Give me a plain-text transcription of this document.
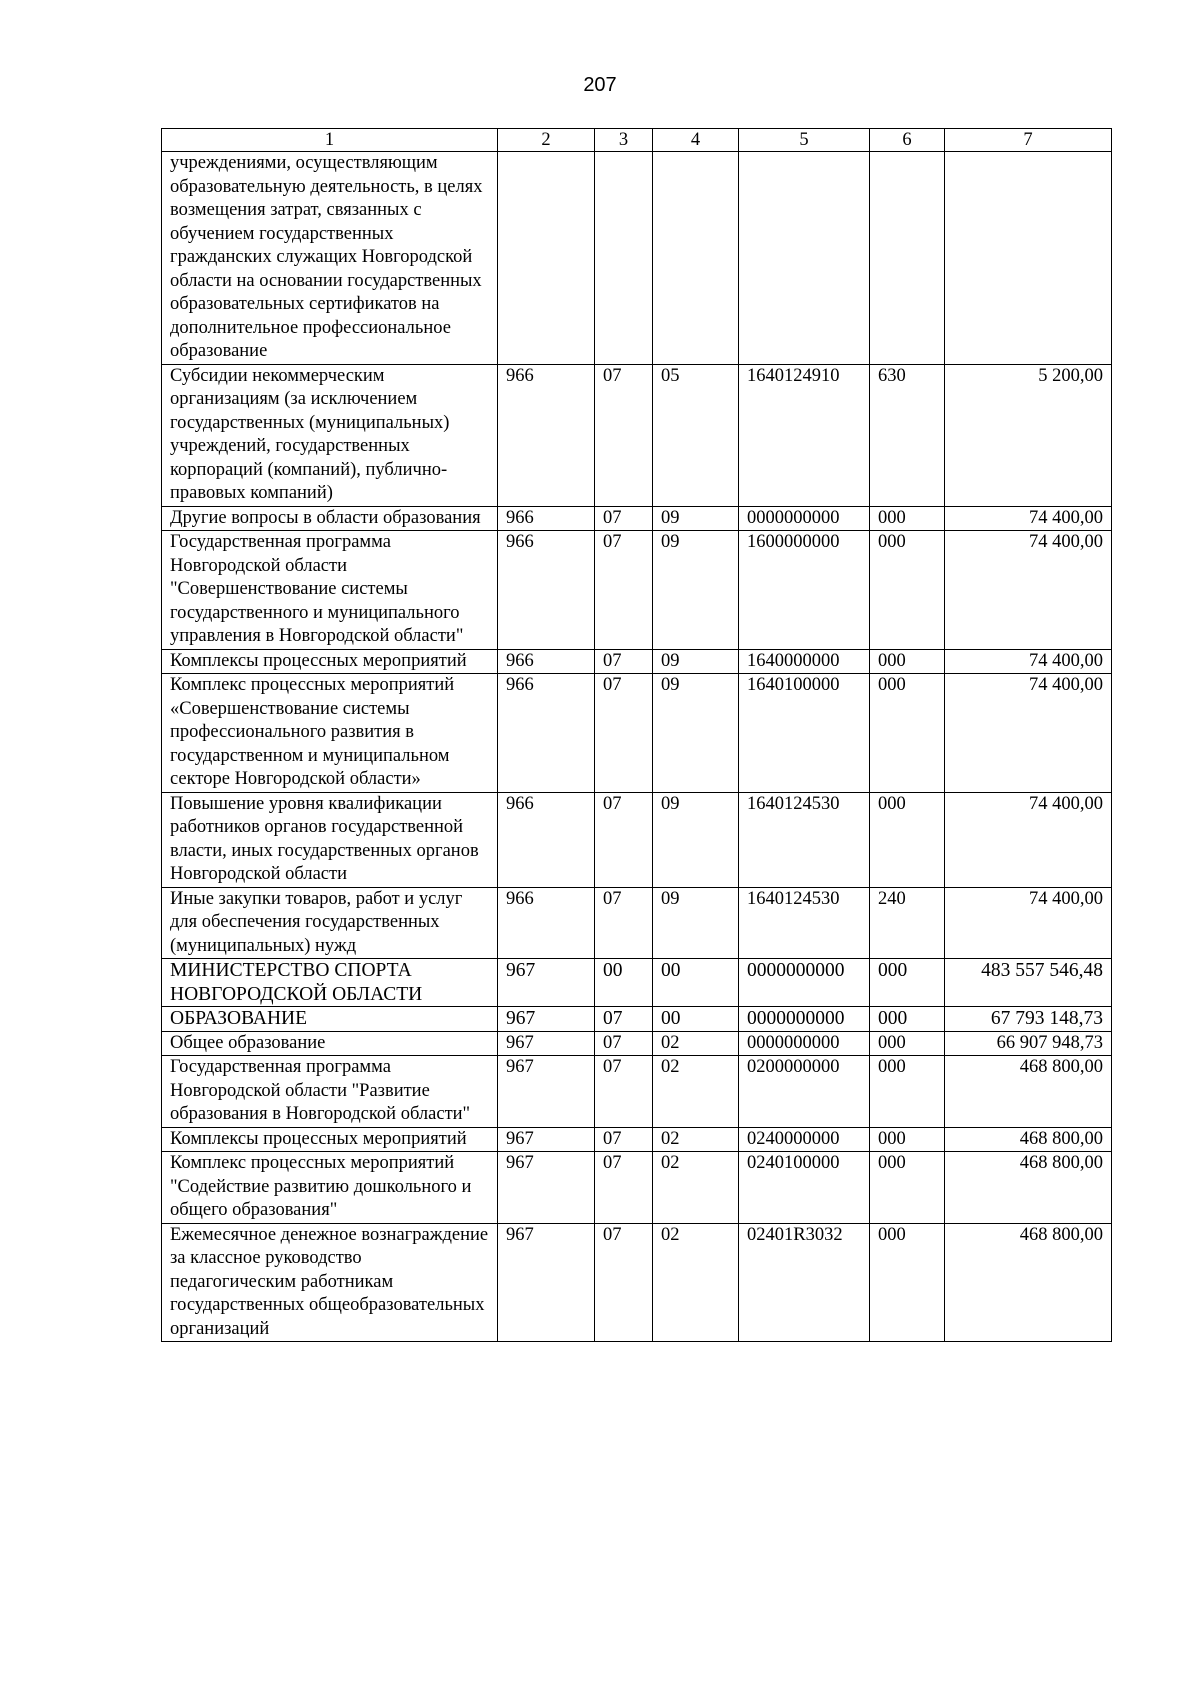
207
1	2	3	4	5	6	7
учреждениями, осуществляющим образовательную деятельность, в целях возмещения затрат, связанных с обучением государственных гражданских служащих Новгородской области на основании государственных образовательных сертификатов на дополнительное профессиональное образование						
Субсидии некоммерческим организациям (за исключением государственных (муниципальных) учреждений, государственных корпораций (компаний), публично-правовых компаний)	966	07	05	1640124910	630	5 200,00
Другие вопросы в области образования	966	07	09	0000000000	000	74 400,00
Государственная программа Новгородской области "Совершенствование системы государственного и муниципального управления в Новгородской области"	966	07	09	1600000000	000	74 400,00
Комплексы процессных мероприятий	966	07	09	1640000000	000	74 400,00
Комплекс процессных мероприятий «Совершенствование системы профессионального развития в государственном и муниципальном секторе Новгородской области»	966	07	09	1640100000	000	74 400,00
Повышение уровня квалификации работников органов государственной власти, иных государственных органов Новгородской области	966	07	09	1640124530	000	74 400,00
Иные закупки товаров, работ и услуг для обеспечения государственных (муниципальных) нужд	966	07	09	1640124530	240	74 400,00
МИНИСТЕРСТВО СПОРТА НОВГОРОДСКОЙ ОБЛАСТИ	967	00	00	0000000000	000	483 557 546,48
ОБРАЗОВАНИЕ	967	07	00	0000000000	000	67 793 148,73
Общее образование	967	07	02	0000000000	000	66 907 948,73
Государственная программа Новгородской области "Развитие образования в Новгородской области"	967	07	02	0200000000	000	468 800,00
Комплексы процессных мероприятий	967	07	02	0240000000	000	468 800,00
Комплекс процессных мероприятий "Содействие развитию дошкольного и общего образования"	967	07	02	0240100000	000	468 800,00
Ежемесячное денежное вознаграждение за классное руководство педагогическим работникам государственных общеобразовательных организаций	967	07	02	02401R3032	000	468 800,00
